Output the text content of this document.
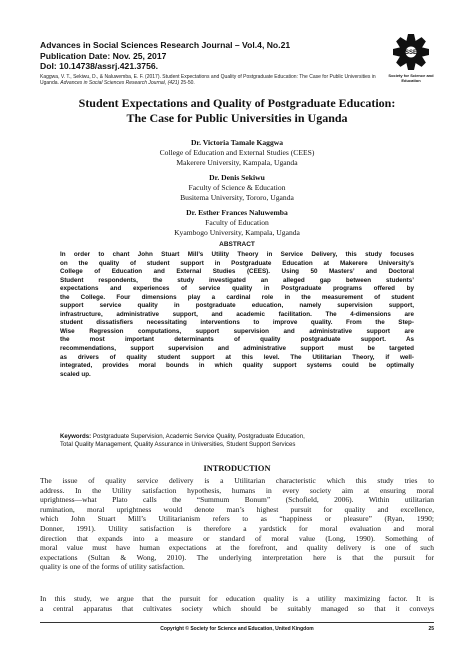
Advances in Social Sciences Research Journal – Vol.4, No.21
Publication Date: Nov. 25, 2017
DoI: 10.14738/assrj.421.3756.
Kaggwa, V. T., Sekiwu, D., & Naluwemba, E. F. (2017). Student Expectations and Quality of Postgraduate Education: The Case for Public Universities in Uganda. Advances in Social Sciences Research Journal, (421) 25-50.
SSE
Society for Science and Education
Student Expectations and Quality of Postgraduate Education:
The Case for Public Universities in Uganda
Dr. Victoria Tamale Kaggwa
College of Education and External Studies (CEES)
Makerere University, Kampala, Uganda
Dr. Denis Sekiwu
Faculty of Science & Education
Busitema University, Tororo, Uganda
Dr. Esther Frances Naluwemba
Faculty of Education
Kyambogo University, Kampala, Uganda
ABSTRACT
In order to chant John Stuart Mill’s Utility Theory in Service Delivery, this study focuses
on the quality of student support in Postgraduate Education at Makerere University’s
College of Education and External Studies (CEES). Using 50 Masters’ and Doctoral
Student respondents, the study investigated an alleged gap between students’
expectations and experiences of service quality in Postgraduate programs offered by
the College. Four dimensions play a cardinal role in the measurement of student
support service quality in postgraduate education, namely supervision support,
infrastructure, administrative support, and academic facilitation. The 4-dimensions are
student dissatisfiers necessitating interventions to improve quality. From the Step-
Wise Regression computations, support supervision and administrative support are
the most important determinants of quality postgraduate support. As
recommendations, support supervision and administrative support must be targeted
as drivers of quality student support at this level. The Utilitarian Theory, if well-
integrated, provides moral bounds in which quality support systems could be optimally
scaled up.
Keywords: Postgraduate Supervision, Academic Service Quality, Postgraduate Education,
Total Quality Management, Quality Assurance in Universities, Student Support Services
INTRODUCTION
The issue of quality service delivery is a Utilitarian characteristic which this study tries to
address. In the Utility satisfaction hypothesis, humans in every society aim at ensuring moral
uprightness—what Plato calls the “Summum Bonum” (Schofield, 2006). Within utilitarian
rumination, moral uprightness would denote man’s highest pursuit for quality and excellence,
which John Stuart Mill’s Utilitarianism refers to as “happiness or pleasure” (Ryan, 1990;
Donner, 1991). Utility satisfaction is therefore a yardstick for moral evaluation and moral
direction that expands into a measure or standard of moral value (Long, 1990). Something of
moral value must have human expectations at the forefront, and quality delivery is one of such
expectations (Sultan & Wong, 2010). The underlying interpretation here is that the pursuit for
quality is one of the forms of utility satisfaction.
In this study, we argue that the pursuit for education quality is a utility maximizing factor. It is
a central apparatus that cultivates society which should be suitably managed so that it conveys
Copyright © Society for Science and Education, United Kingdom	25
